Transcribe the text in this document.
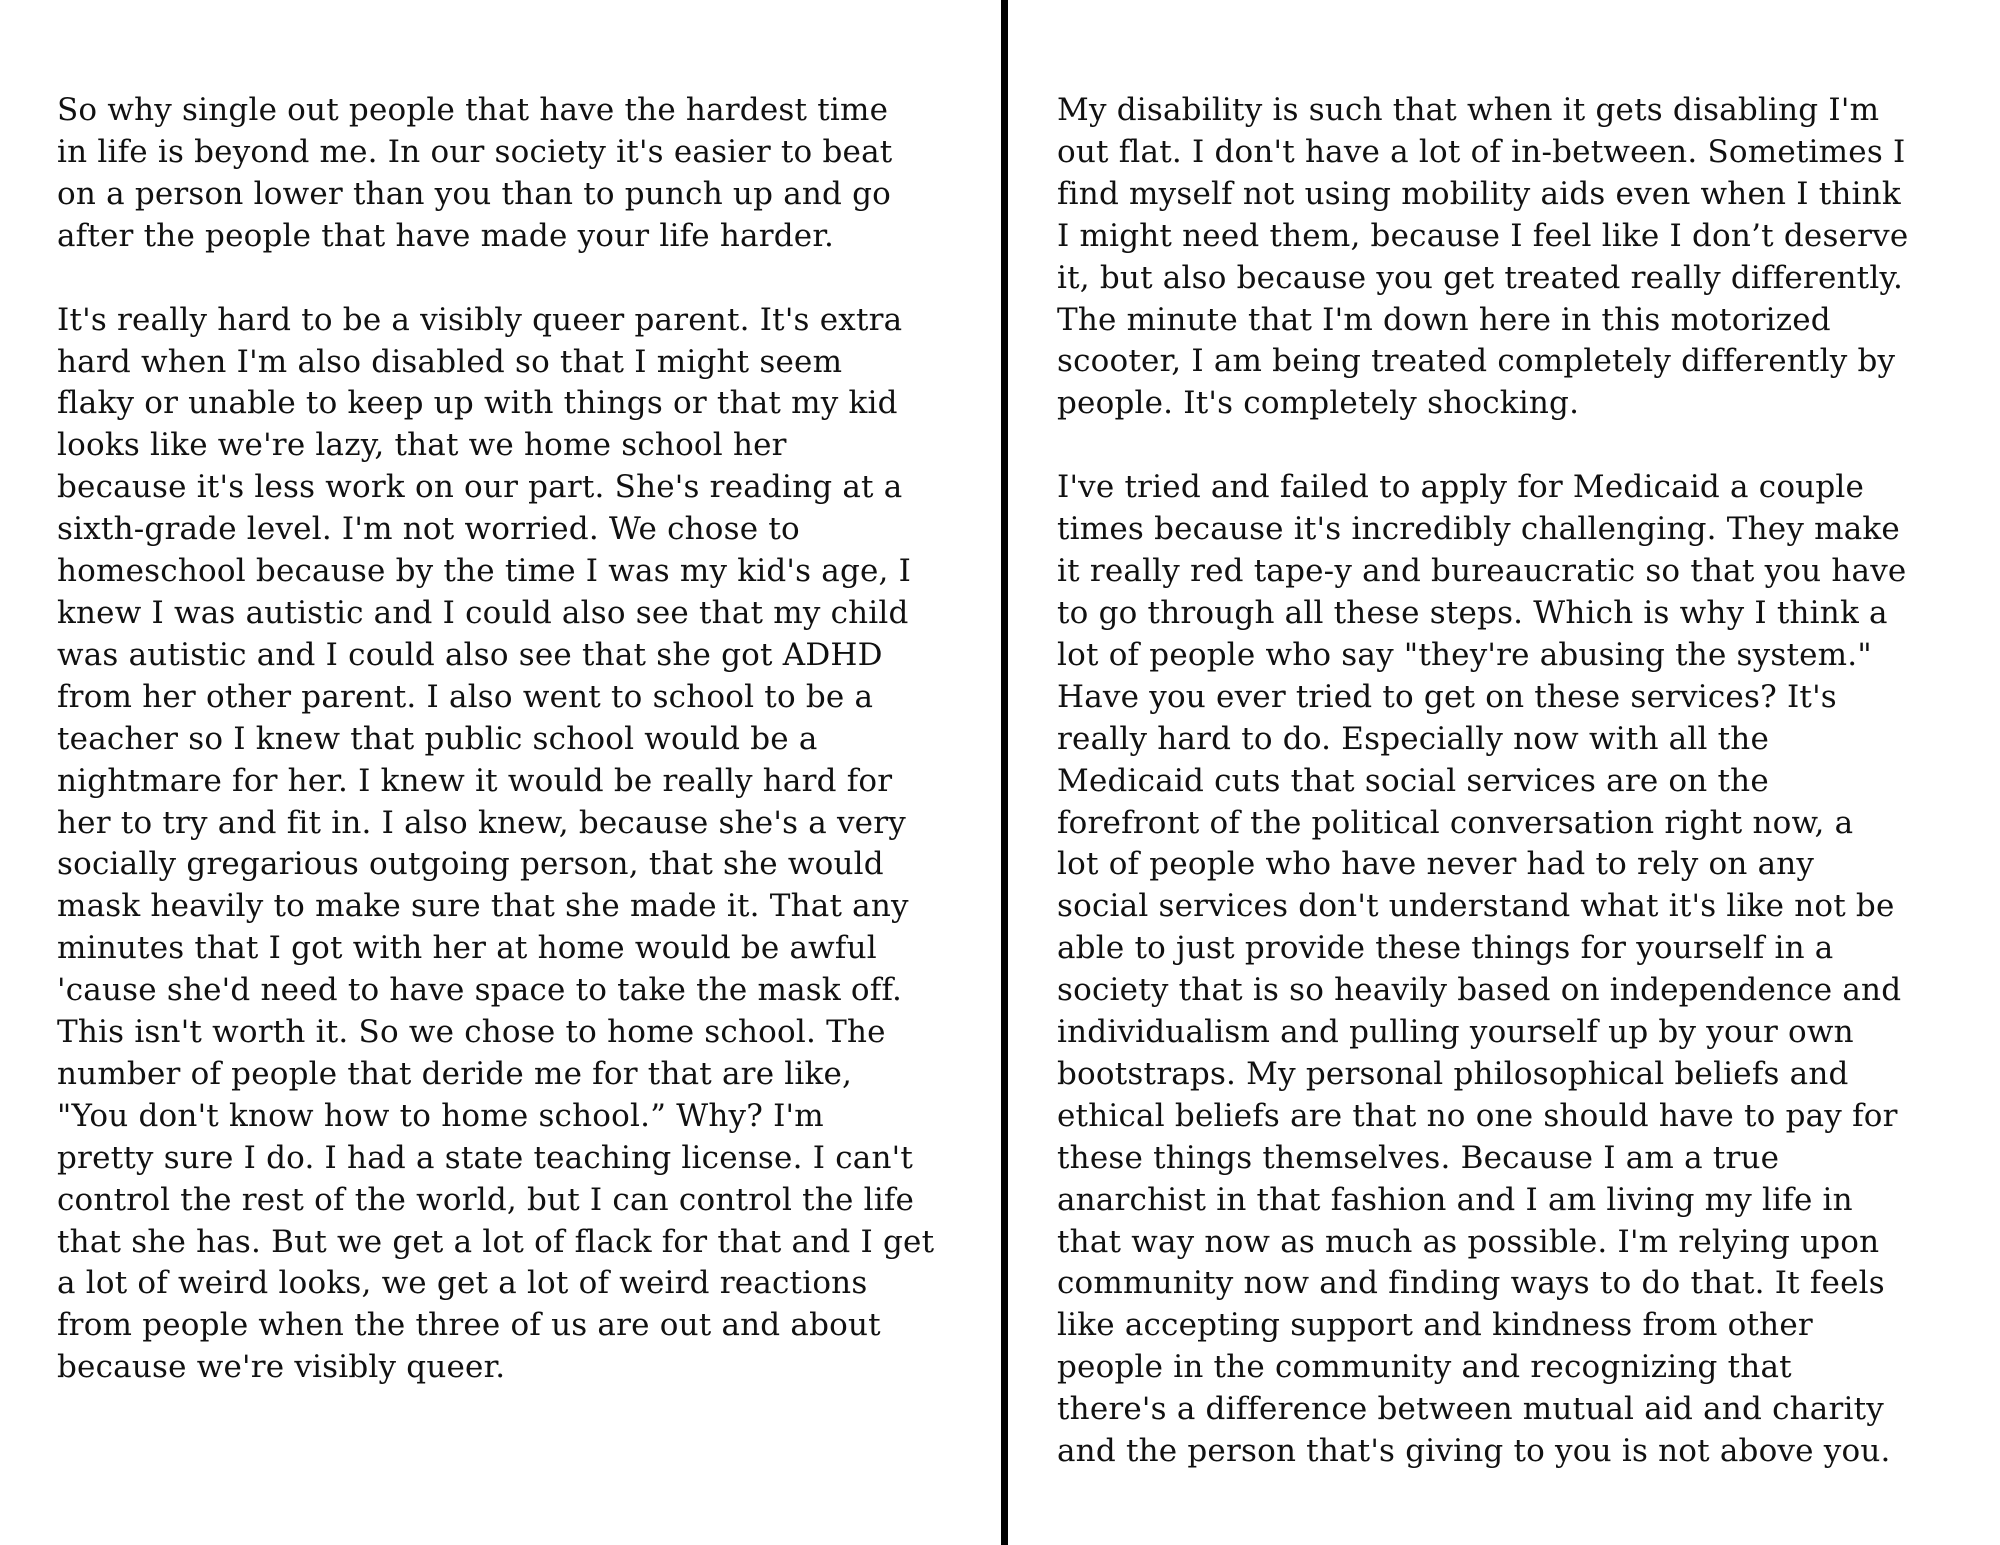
So why single out people that have the hardest time
in life is beyond me. In our society it's easier to beat
on a person lower than you than to punch up and go
after the people that have made your life harder.
It's really hard to be a visibly queer parent. It's extra
hard when I'm also disabled so that I might seem
flaky or unable to keep up with things or that my kid
looks like we're lazy, that we home school her
because it's less work on our part. She's reading at a
sixth-grade level. I'm not worried. We chose to
homeschool because by the time I was my kid's age, I
knew I was autistic and I could also see that my child
was autistic and I could also see that she got ADHD
from her other parent. I also went to school to be a
teacher so I knew that public school would be a
nightmare for her. I knew it would be really hard for
her to try and fit in. I also knew, because she's a very
socially gregarious outgoing person, that she would
mask heavily to make sure that she made it. That any
minutes that I got with her at home would be awful
'cause she'd need to have space to take the mask off.
This isn't worth it. So we chose to home school. The
number of people that deride me for that are like,
"You don't know how to home school.” Why? I'm
pretty sure I do. I had a state teaching license. I can't
control the rest of the world, but I can control the life
that she has. But we get a lot of flack for that and I get
a lot of weird looks, we get a lot of weird reactions
from people when the three of us are out and about
because we're visibly queer.
My disability is such that when it gets disabling I'm
out flat. I don't have a lot of in-between. Sometimes I
find myself not using mobility aids even when I think
I might need them, because I feel like I don’t deserve
it, but also because you get treated really differently.
The minute that I'm down here in this motorized
scooter, I am being treated completely differently by
people. It's completely shocking.
I've tried and failed to apply for Medicaid a couple
times because it's incredibly challenging. They make
it really red tape-y and bureaucratic so that you have
to go through all these steps. Which is why I think a
lot of people who say "they're abusing the system."
Have you ever tried to get on these services? It's
really hard to do. Especially now with all the
Medicaid cuts that social services are on the
forefront of the political conversation right now, a
lot of people who have never had to rely on any
social services don't understand what it's like not be
able to just provide these things for yourself in a
society that is so heavily based on independence and
individualism and pulling yourself up by your own
bootstraps. My personal philosophical beliefs and
ethical beliefs are that no one should have to pay for
these things themselves. Because I am a true
anarchist in that fashion and I am living my life in
that way now as much as possible. I'm relying upon
community now and finding ways to do that. It feels
like accepting support and kindness from other
people in the community and recognizing that
there's a difference between mutual aid and charity
and the person that's giving to you is not above you.
